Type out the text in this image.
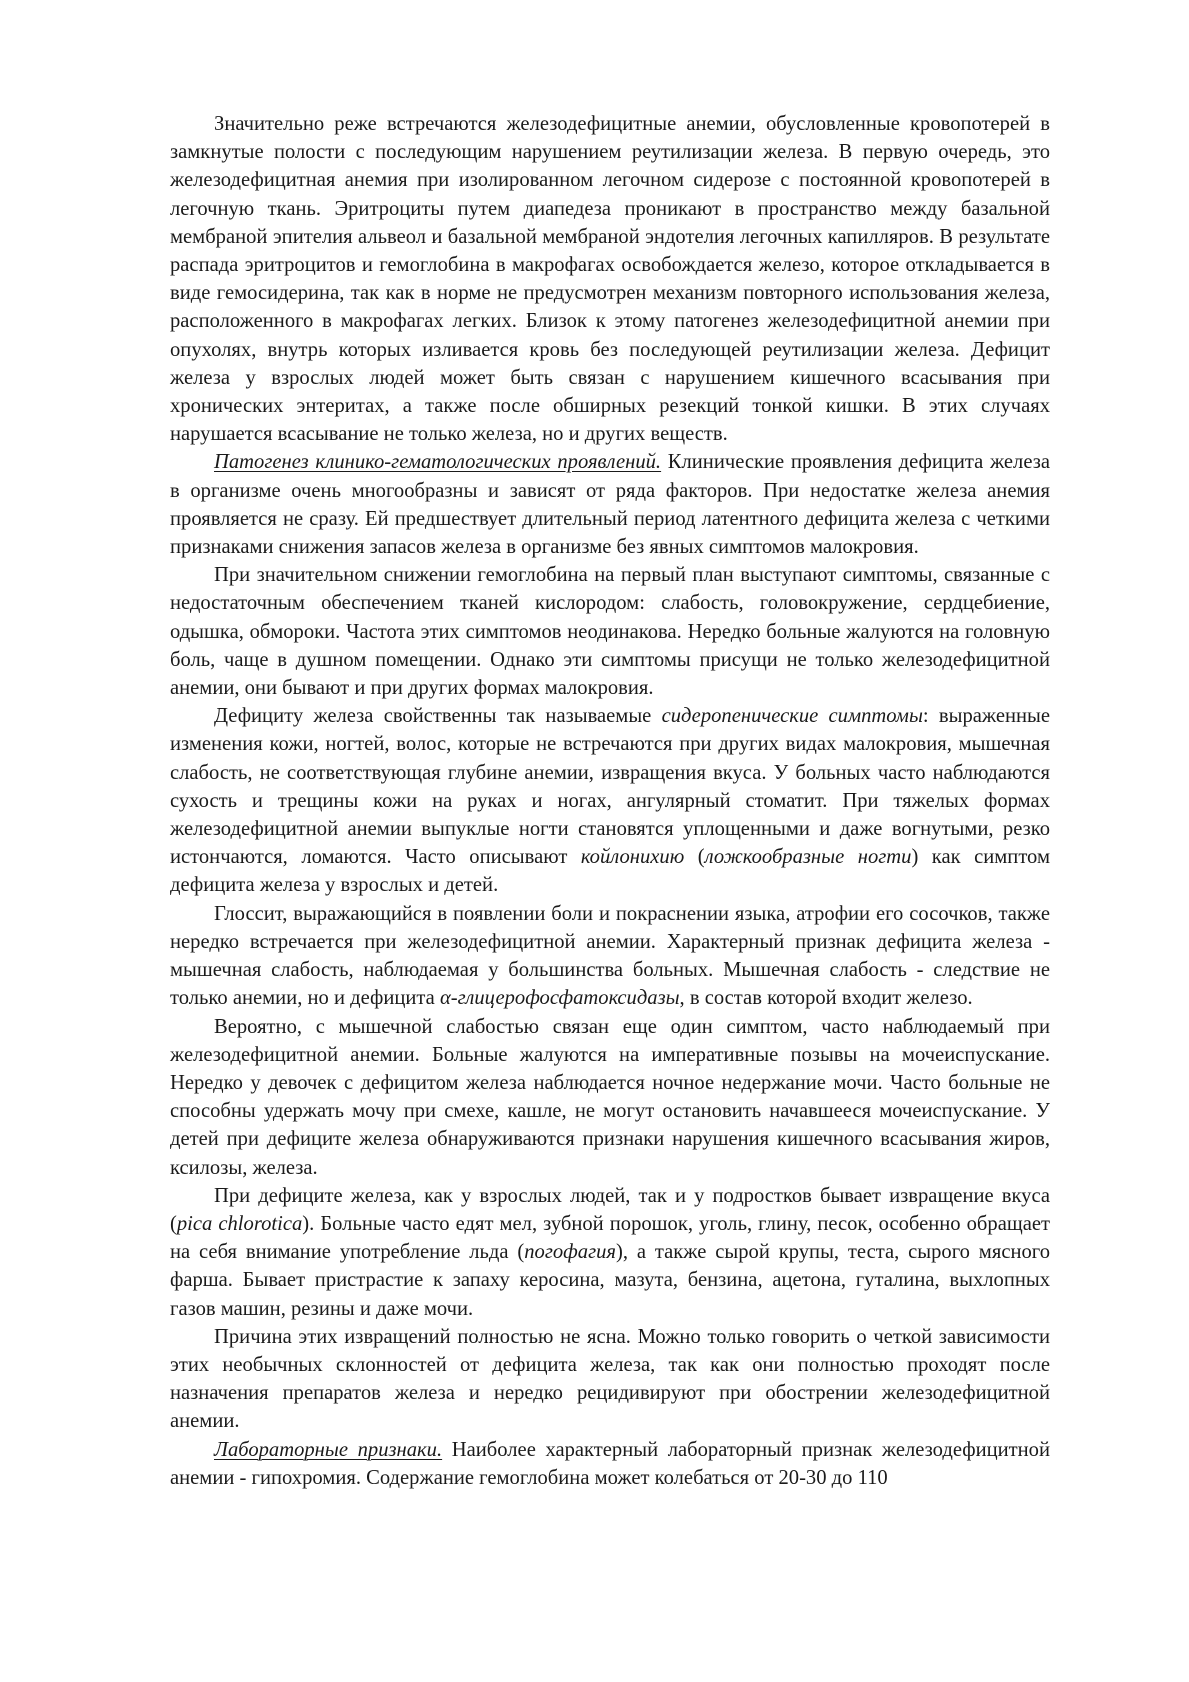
Значительно реже встречаются железодефицитные анемии, обусловленные кровопотерей в замкнутые полости с последующим нарушением реутилизации железа. В первую очередь, это железодефицитная анемия при изолированном легочном сидерозе с постоянной кровопотерей в легочную ткань. Эритроциты путем диапедеза проникают в пространство между базальной мембраной эпителия альвеол и базальной мембраной эндотелия легочных капилляров. В результате распада эритроцитов и гемоглобина в макрофагах освобождается железо, которое откладывается в виде гемосидерина, так как в норме не предусмотрен механизм повторного использования железа, расположенного в макрофагах легких. Близок к этому патогенез железодефицитной анемии при опухолях, внутрь которых изливается кровь без последующей реутилизации железа. Дефицит железа у взрослых людей может быть связан с нарушением кишечного всасывания при хронических энтеритах, а также после обширных резекций тонкой кишки. В этих случаях нарушается всасывание не только железа, но и других веществ.

Патогенез клинико-гематологических проявлений. Клинические проявления дефицита железа в организме очень многообразны и зависят от ряда факторов. При недостатке железа анемия проявляется не сразу. Ей предшествует длительный период латентного дефицита железа с четкими признаками снижения запасов железа в организме без явных симптомов малокровия.

При значительном снижении гемоглобина на первый план выступают симптомы, связанные с недостаточным обеспечением тканей кислородом: слабость, головокружение, сердцебиение, одышка, обмороки. Частота этих симптомов неодинакова. Нередко больные жалуются на головную боль, чаще в душном помещении. Однако эти симптомы присущи не только железодефицитной анемии, они бывают и при других формах малокровия.

Дефициту железа свойственны так называемые сидеропенические симптомы: выраженные изменения кожи, ногтей, волос, которые не встречаются при других видах малокровия, мышечная слабость, не соответствующая глубине анемии, извращения вкуса. У больных часто наблюдаются сухость и трещины кожи на руках и ногах, ангулярный стоматит. При тяжелых формах железодефицитной анемии выпуклые ногти становятся уплощенными и даже вогнутыми, резко истончаются, ломаются. Часто описывают койлонихию (ложкообразные ногти) как симптом дефицита железа у взрослых и детей.

Глоссит, выражающийся в появлении боли и покраснении языка, атрофии его сосочков, также нередко встречается при железодефицитной анемии. Характерный признак дефицита железа - мышечная слабость, наблюдаемая у большинства больных. Мышечная слабость - следствие не только анемии, но и дефицита α-глицерофосфатоксидазы, в состав которой входит железо.

Вероятно, с мышечной слабостью связан еще один симптом, часто наблюдаемый при железодефицитной анемии. Больные жалуются на императивные позывы на мочеиспускание. Нередко у девочек с дефицитом железа наблюдается ночное недержание мочи. Часто больные не способны удержать мочу при смехе, кашле, не могут остановить начавшееся мочеиспускание. У детей при дефиците железа обнаруживаются признаки нарушения кишечного всасывания жиров, ксилозы, железа.

При дефиците железа, как у взрослых людей, так и у подростков бывает извращение вкуса (pica chlorotica). Больные часто едят мел, зубной порошок, уголь, глину, песок, особенно обращает на себя внимание употребление льда (погофагия), а также сырой крупы, теста, сырого мясного фарша. Бывает пристрастие к запаху керосина, мазута, бензина, ацетона, гуталина, выхлопных газов машин, резины и даже мочи.

Причина этих извращений полностью не ясна. Можно только говорить о четкой зависимости этих необычных склонностей от дефицита железа, так как они полностью проходят после назначения препаратов железа и нередко рецидивируют при обострении железодефицитной анемии.

Лабораторные признаки. Наиболее характерный лабораторный признак железодефицитной анемии - гипохромия. Содержание гемоглобина может колебаться от 20-30 до 110
